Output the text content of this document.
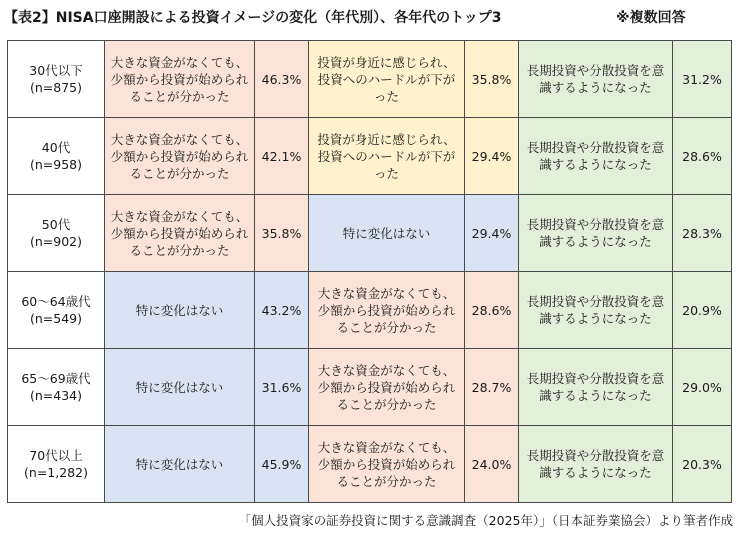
【表2】NISA口座開設による投資イメージの変化（年代別）、各年代のトップ3	※複数回答
30代以下
(n=875)	大きな資金がなくても、少額から投資が始められることが分かった	46.3%	投資が身近に感じられ、投資へのハードルが下がった	35.8%	長期投資や分散投資を意識するようになった	31.2%

40代
(n=958)	大きな資金がなくても、少額から投資が始められることが分かった	42.1%	投資が身近に感じられ、投資へのハードルが下がった	29.4%	長期投資や分散投資を意識するようになった	28.6%

50代
(n=902)	大きな資金がなくても、少額から投資が始められることが分かった	35.8%	特に変化はない	29.4%	長期投資や分散投資を意識するようになった	28.3%

60～64歳代
(n=549)	特に変化はない	43.2%	大きな資金がなくても、少額から投資が始められることが分かった	28.6%	長期投資や分散投資を意識するようになった	20.9%

65～69歳代
(n=434)	特に変化はない	31.6%	大きな資金がなくても、少額から投資が始められることが分かった	28.7%	長期投資や分散投資を意識するようになった	29.0%

70代以上
(n=1,282)	特に変化はない	45.9%	大きな資金がなくても、少額から投資が始められることが分かった	24.0%	長期投資や分散投資を意識するようになった	20.3%
「個人投資家の証券投資に関する意識調査（2025年）」（日本証券業協会）より筆者作成
